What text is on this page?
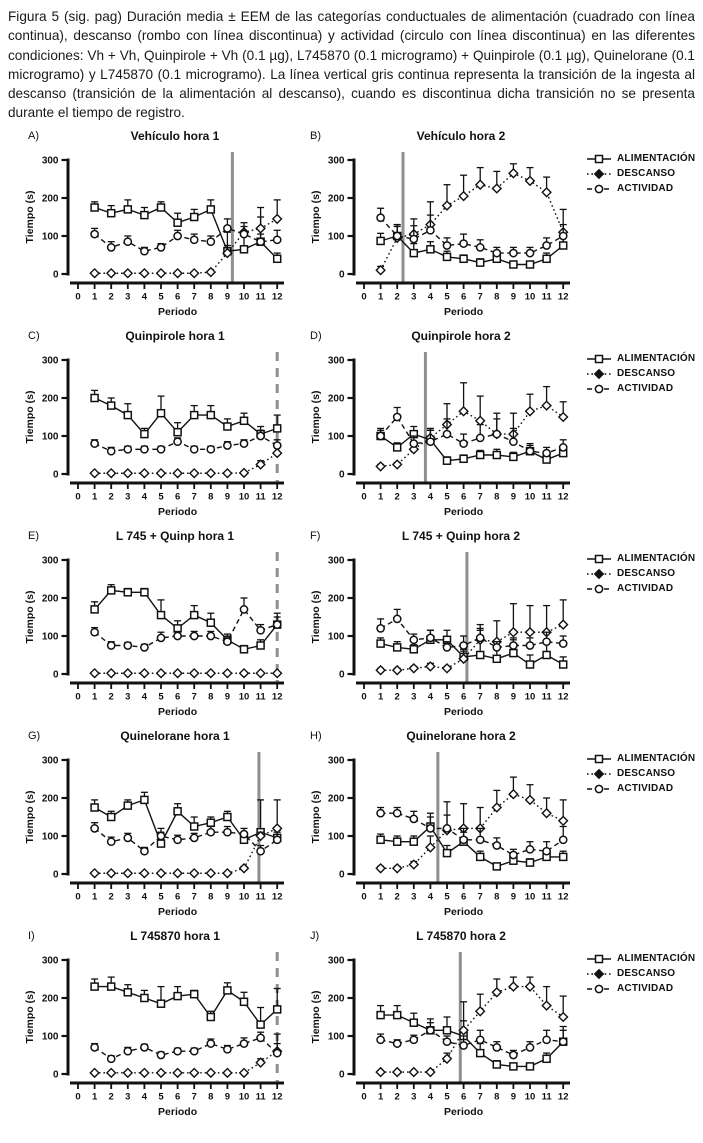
Figura 5 (sig. pag) Duración media ± EEM de las categorías conductuales de alimentación (cuadrado con línea continua), descanso (rombo con línea discontinua) y actividad (circulo con línea discontinua) en las diferentes condiciones: Vh + Vh, Quinpirole + Vh (0.1 µg), L745870 (0.1 microgramo) + Quinpirole (0.1 µg), Quinelorane (0.1 microgramo) y L745870 (0.1 microgramo). La línea vertical gris continua representa la transición de la ingesta al descanso (transición de la alimentación al descanso), cuando es discontinua dicha transición no se presenta durante el tiempo de registro.
A)	Vehículo hora 1
0
100
200
300
Tiempo (s)
0 1 2 3 4 5 6 7 8 9 10 11 12
Periodo
B)	Vehículo hora 2
0
100
200
300
Tiempo (s)
0 1 2 3 4 5 6 7 8 9 10 11 12
Periodo
ALIMENTACIÓN
DESCANSO
ACTIVIDAD
C)	Quinpirole hora 1
0
100
200
300
Tiempo (s)
0 1 2 3 4 5 6 7 8 9 10 11 12
Periodo
D)	Quinpirole hora 2
0
100
200
300
Tiempo (s)
0 1 2 3 4 5 6 7 8 9 10 11 12
Periodo
ALIMENTACIÓN
DESCANSO
ACTIVIDAD
E)	L 745 + Quinp hora 1
0
100
200
300
Tiempo (s)
0 1 2 3 4 5 6 7 8 9 10 11 12
Periodo
F)	L 745 + Quinp hora 2
0
100
200
300
Tiempo (s)
0 1 2 3 4 5 6 7 8 9 10 11 12
Periodo
ALIMENTACIÓN
DESCANSO
ACTIVIDAD
G)	Quinelorane hora 1
0
100
200
300
Tiempo (s)
0 1 2 3 4 5 6 7 8 9 10 11 12
Periodo
H)	Quinelorane hora 2
0
100
200
300
Tiempo (s)
0 1 2 3 4 5 6 7 8 9 10 11 12
Periodo
ALIMENTACIÓN
DESCANSO
ACTIVIDAD
I)	L 745870 hora 1
0
100
200
300
Tiempo (s)
0 1 2 3 4 5 6 7 8 9 10 11 12
Periodo
J)	L 745870 hora 2
0
100
200
300
Tiempo (s)
0 1 2 3 4 5 6 7 8 9 10 11 12
Periodo
ALIMENTACIÓN
DESCANSO
ACTIVIDAD
